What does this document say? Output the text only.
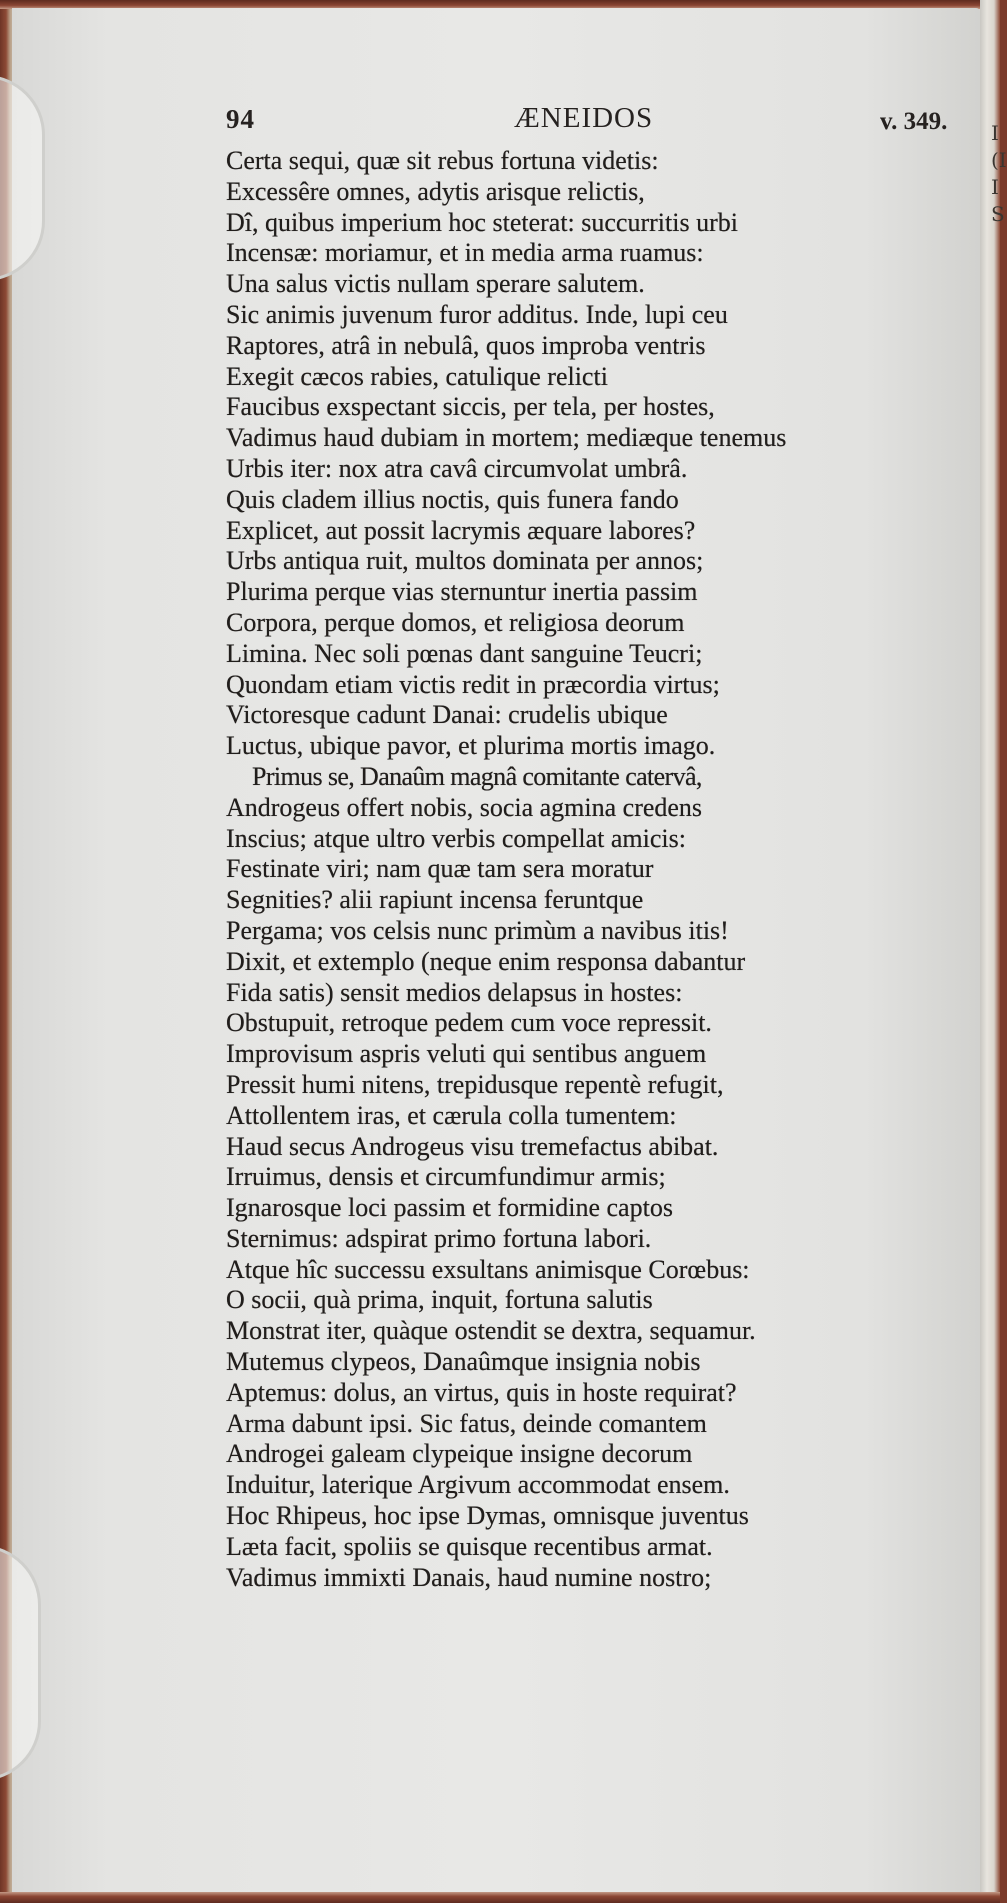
I
(I
I
S
94	ÆNEIDOS	v. 349.
Certa sequi, quæ sit rebus fortuna videtis:
Excessêre omnes, adytis arisque relictis,
Dî, quibus imperium hoc steterat: succurritis urbi
Incensæ: moriamur, et in media arma ruamus:
Una salus victis nullam sperare salutem.
Sic animis juvenum furor additus. Inde, lupi ceu
Raptores, atrâ in nebulâ, quos improba ventris
Exegit cæcos rabies, catulique relicti
Faucibus exspectant siccis, per tela, per hostes,
Vadimus haud dubiam in mortem; mediæque tenemus
Urbis iter: nox atra cavâ circumvolat umbrâ.
Quis cladem illius noctis, quis funera fando
Explicet, aut possit lacrymis æquare labores?
Urbs antiqua ruit, multos dominata per annos;
Plurima perque vias sternuntur inertia passim
Corpora, perque domos, et religiosa deorum
Limina. Nec soli pœnas dant sanguine Teucri;
Quondam etiam victis redit in præcordia virtus;
Victoresque cadunt Danai: crudelis ubique
Luctus, ubique pavor, et plurima mortis imago.
Primus se, Danaûm magnâ comitante catervâ,
Androgeus offert nobis, socia agmina credens
Inscius; atque ultro verbis compellat amicis:
Festinate viri; nam quæ tam sera moratur
Segnities? alii rapiunt incensa feruntque
Pergama; vos celsis nunc primùm a navibus itis!
Dixit, et extemplo (neque enim responsa dabantur
Fida satis) sensit medios delapsus in hostes:
Obstupuit, retroque pedem cum voce repressit.
Improvisum aspris veluti qui sentibus anguem
Pressit humi nitens, trepidusque repentè refugit,
Attollentem iras, et cærula colla tumentem:
Haud secus Androgeus visu tremefactus abibat.
Irruimus, densis et circumfundimur armis;
Ignarosque loci passim et formidine captos
Sternimus: adspirat primo fortuna labori.
Atque hîc successu exsultans animisque Corœbus:
O socii, quà prima, inquit, fortuna salutis
Monstrat iter, quàque ostendit se dextra, sequamur.
Mutemus clypeos, Danaûmque insignia nobis
Aptemus: dolus, an virtus, quis in hoste requirat?
Arma dabunt ipsi. Sic fatus, deinde comantem
Androgei galeam clypeique insigne decorum
Induitur, laterique Argivum accommodat ensem.
Hoc Rhipeus, hoc ipse Dymas, omnisque juventus
Læta facit, spoliis se quisque recentibus armat.
Vadimus immixti Danais, haud numine nostro;
